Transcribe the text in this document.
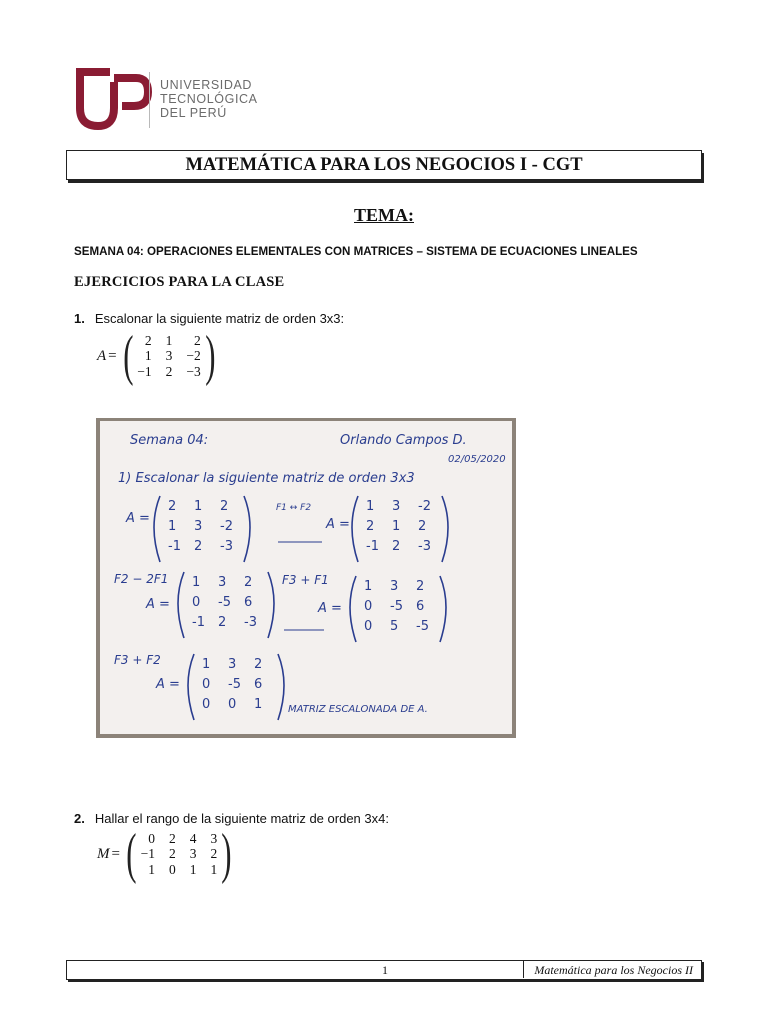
UNIVERSIDAD
TECNOLÓGICA
DEL PERÚ
MATEMÁTICA PARA LOS NEGOCIOS I - CGT
TEMA:
SEMANA 04: OPERACIONES ELEMENTALES CON MATRICES – SISTEMA DE ECUACIONES LINEALES
EJERCICIOS PARA LA CLASE
1. Escalonar la siguiente matriz de orden 3x3:
A = ( 2 1	2
1 3 −2
−1 2 −3 )
Semana 04:	Orlando Campos D.
02/05/2020
1) Escalonar la siguiente matriz de orden 3x3
A =
F1 ↔ F2
A =
F2 − 2F1
A =
F3 + F1
A =
F3 + F2
A =
MATRIZ ESCALONADA DE A.
2 1 2
1 3 -2
-1 2 -3
1 3 -2
2 1 2
-1 2 -3
1 3 2
0 -5 6
-1 2 -3
1 3 2
0 -5 6
0 5 -5
1 3 2
0 -5 6
0 0 1
2. Hallar el rango de la siguiente matriz de orden 3x4:
M = ( 0 2 4 3
−1 2 3 2
1 0 1 1 )
1	Matemática para los Negocios II
